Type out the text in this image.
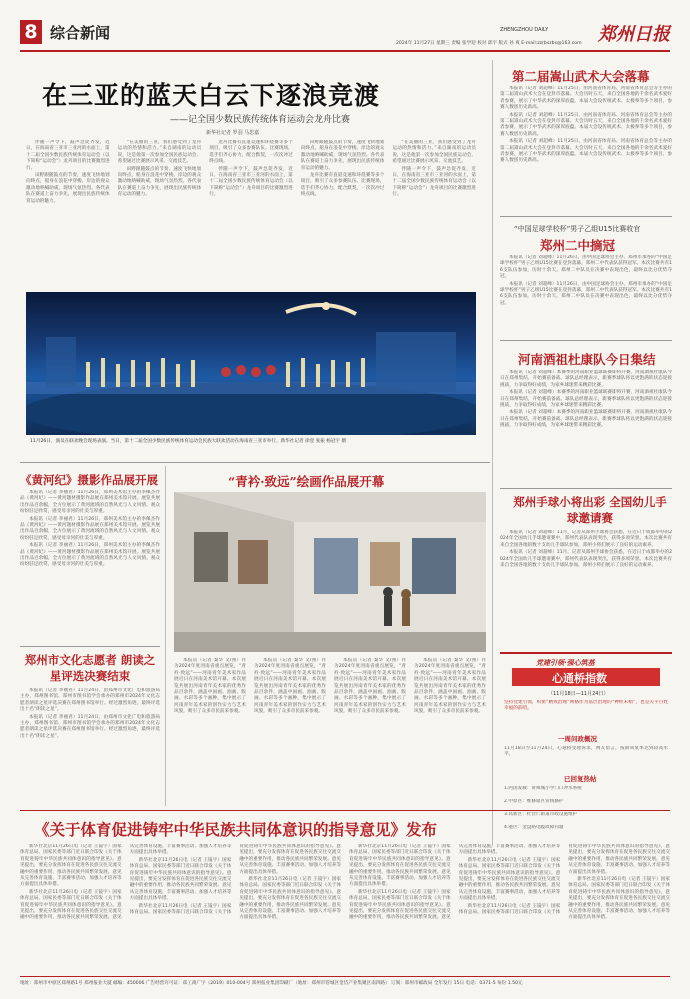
8 综合新闻	ZHENGZHOU DAILY	郑州日报
2024年 11月27日 星期三 责编 张学迎 校对 邱宇 版式 孙 爽 E-mail:zzrbszbs@163.com
在三亚的蓝天白云下逐浪竞渡
——记全国少数民族传统体育运动会龙舟比赛
新华社记者 罗羽 马思嘉

伴随一声令下，鼓声急促齐发，近日，在海南省三亚市三亚河的水面上，第十二届全国少数民族传统体育运动会（以下简称“运动会”）龙舟项目的比赛激烈进行。

田野跟随鼓点的节奏，速度飞快地划向终点，船身在浪花中穿梭。岸边的观众激动地呐喊助威，现场气氛热烈。各代表队在赛道上奋力争先，展现出民族传统体育运动的魅力。

“在美丽的三亚，我们感受到了龙舟运动的热情和活力。”来自湖南的运动员说，这是他第一次参加全国民族运动会，希望通过比赛展示风采、交流技艺。

田野跟随鼓点的节奏，速度飞快地划向终点，船身在浪花中穿梭。岸边的观众激动地呐喊助威，现场气氛热烈。各代表队在赛道上奋力争先，展现出民族传统体育运动的魅力。

龙舟比赛有直道竞速和环绕赛等多个项目，吸引了众多参赛队伍。比赛现场，选手们齐心协力，配合默契，一次次冲过终点线。

伴随一声令下，鼓声急促齐发，近日，在海南省三亚市三亚河的水面上，第十二届全国少数民族传统体育运动会（以下简称“运动会”）龙舟项目的比赛激烈进行。

田野跟随鼓点的节奏，速度飞快地划向终点，船身在浪花中穿梭。岸边的观众激动地呐喊助威，现场气氛热烈。各代表队在赛道上奋力争先，展现出民族传统体育运动的魅力。

龙舟比赛有直道竞速和环绕赛等多个项目，吸引了众多参赛队伍。比赛现场，选手们齐心协力，配合默契，一次次冲过终点线。

“在美丽的三亚，我们感受到了龙舟运动的热情和活力。”来自湖南的运动员说，这是他第一次参加全国民族运动会，希望通过比赛展示风采、交流技艺。

伴随一声令下，鼓声急促齐发，近日，在海南省三亚市三亚河的水面上，第十二届全国少数民族传统体育运动会（以下简称“运动会”）龙舟项目的比赛激烈进行。

11月26日，演员在联欢晚会现场表演。当日，第十二届全国少数民族传统体育运动会民族大联欢活动在海南省三亚市举行。新华社记者 徐壹 张振 杨冠宇 摄
第二届嵩山武术大会落幕

本报讯（记者 刘超峰）11月25日，由河南省体育局、河南省体育总会等主办的第二届嵩山武术大会在登封市落幕。大会历时五天，来自全国各地的千余名武术爱好者参赛，展示了中华武术的深厚底蕴。本届大会设传统武术、太极拳等多个项目，参赛人数创历史新高。

本报讯（记者 刘超峰）11月25日，由河南省体育局、河南省体育总会等主办的第二届嵩山武术大会在登封市落幕。大会历时五天，来自全国各地的千余名武术爱好者参赛，展示了中华武术的深厚底蕴。本届大会设传统武术、太极拳等多个项目，参赛人数创历史新高。

本报讯（记者 刘超峰）11月25日，由河南省体育局、河南省体育总会等主办的第二届嵩山武术大会在登封市落幕。大会历时五天，来自全国各地的千余名武术爱好者参赛，展示了中华武术的深厚底蕴。本届大会设传统武术、太极拳等多个项目，参赛人数创历史新高。

“中国足球学校杯”男子乙组U15比赛收官
郑州二中摘冠

本报讯（记者 刘超峰）11月26日，由中国足球协会主办、郑州市承办的“中国足球学校杯”男子乙组U15比赛在登封落幕，郑州二中代表队获得冠军。本次比赛共有16支队伍参加，历时十余天。郑州二中队员在决赛中表现出色，最终以比分优势夺冠。

本报讯（记者 刘超峰）11月26日，由中国足球协会主办、郑州市承办的“中国足球学校杯”男子乙组U15比赛在登封落幕，郑州二中代表队获得冠军。本次比赛共有16支队伍参加，历时十余天。郑州二中队员在决赛中表现出色，最终以比分优势夺冠。

河南酒祖杜康队今日集结

本报讯（记者 刘超峰）本赛季的河南职业篮球联赛即将开赛，河南酒祖杜康队今日在郑州集结，开始赛前备战。球队总经理表示，新赛季球队将以更饱满的状态迎接挑战，力争取得好成绩，为家乡球迷带来精彩比赛。

本报讯（记者 刘超峰）本赛季的河南职业篮球联赛即将开赛，河南酒祖杜康队今日在郑州集结，开始赛前备战。球队总经理表示，新赛季球队将以更饱满的状态迎接挑战，力争取得好成绩，为家乡球迷带来精彩比赛。

本报讯（记者 刘超峰）本赛季的河南职业篮球联赛即将开赛，河南酒祖杜康队今日在郑州集结，开始赛前备战。球队总经理表示，新赛季球队将以更饱满的状态迎接挑战，力争取得好成绩，为家乡球迷带来精彩比赛。

郑州手球小将出彩 全国幼儿手球邀请赛

本报讯（记者 刘超峰）11月，记者从郑州手球协会获悉，在近日于成都举办的2024年全国幼儿手球邀请赛中，郑州代表队表现突出，获得多项荣誉。本次比赛共有来自全国各地的数十支幼儿手球队参加，郑州小将们展示了良好的运动素养。

本报讯（记者 刘超峰）11月，记者从郑州手球协会获悉，在近日于成都举办的2024年全国幼儿手球邀请赛中，郑州代表队表现突出，获得多项荣誉。本次比赛共有来自全国各地的数十支幼儿手球队参加，郑州小将们展示了良好的运动素养。

党建引领·强心筑基
心通桥指数
（11月18日—11月24日）
坚持党建引领，织密“精致治理”网格作为基层治理的“神经末梢”，也是关乎百姓幸福的前哨。
一周问政概况
11月18日至11月24日，心通桥受理诉求，网友留言，按期回复率达到较高水平。
已回复热帖
1.阿国发城：讲师城小学门口冲水系统
2.中原区：维修辖区管线修护
3.高新区：杜营仁街道市政设施维护
4.港区：金盘路电缆故障问题
《黄河纪》摄影作品展开展

本报讯（记者 李丽君）11月26日，郑州美术馆主办的李佩杰作品《黄河纪》——黄河题材摄影作品展在郑州美术馆开展。展览共展出作品百余幅，全方位展示了黄河流域的自然风光与人文风情。观众纷纷驻足欣赏，感受母亲河的壮美与厚重。

本报讯（记者 李丽君）11月26日，郑州美术馆主办的李佩杰作品《黄河纪》——黄河题材摄影作品展在郑州美术馆开展。展览共展出作品百余幅，全方位展示了黄河流域的自然风光与人文风情。观众纷纷驻足欣赏，感受母亲河的壮美与厚重。

本报讯（记者 李丽君）11月26日，郑州美术馆主办的李佩杰作品《黄河纪》——黄河题材摄影作品展在郑州美术馆开展。展览共展出作品百余幅，全方位展示了黄河流域的自然风光与人文风情。观众纷纷驻足欣赏，感受母亲河的壮美与厚重。

郑州市文化志愿者 朗读之星评选决赛结束

本报讯（记者 李丽君）11月24日，由郑州市文化广电和旅游局主办，郑州图书馆、郑州市图书馆学会承办的郑州市2024年文化志愿者朗读之星评选决赛在郑州图书馆举行。经过激烈角逐，最终评选出十名“朗读之星”。

本报讯（记者 李丽君）11月24日，由郑州市文化广电和旅游局主办，郑州图书馆、郑州市图书馆学会承办的郑州市2024年文化志愿者朗读之星评选决赛在郑州图书馆举行。经过激烈角逐，最终评选出十名“朗读之星”。

“青衿·致远”绘画作品展开幕

本报讯（记者 秦华 文/图）作为2024年度河南省重点展览，“青衿·致远”——河南青年美术家作品展近日在河南美术馆开幕。本次展览共展出河南青年美术家的优秀作品百余件，涵盖中国画、油画、版画、水彩等多个画种，集中展示了河南青年美术家的创作实力与艺术风貌，吸引了众多市民前来参观。

本报讯（记者 秦华 文/图）作为2024年度河南省重点展览，“青衿·致远”——河南青年美术家作品展近日在河南美术馆开幕。本次展览共展出河南青年美术家的优秀作品百余件，涵盖中国画、油画、版画、水彩等多个画种，集中展示了河南青年美术家的创作实力与艺术风貌，吸引了众多市民前来参观。

本报讯（记者 秦华 文/图）作为2024年度河南省重点展览，“青衿·致远”——河南青年美术家作品展近日在河南美术馆开幕。本次展览共展出河南青年美术家的优秀作品百余件，涵盖中国画、油画、版画、水彩等多个画种，集中展示了河南青年美术家的创作实力与艺术风貌，吸引了众多市民前来参观。

本报讯（记者 秦华 文/图）作为2024年度河南省重点展览，“青衿·致远”——河南青年美术家作品展近日在河南美术馆开幕。本次展览共展出河南青年美术家的优秀作品百余件，涵盖中国画、油画、版画、水彩等多个画种，集中展示了河南青年美术家的创作实力与艺术风貌，吸引了众多市民前来参观。

《关于体育促进铸牢中华民族共同体意识的指导意见》发布

新华社北京11月26日电（记者 王镜宇）国家体育总局、国家民委等部门近日联合印发《关于体育促进铸牢中华民族共同体意识的指导意见》。意见提出，要充分发挥体育在促进各民族交往交流交融中的重要作用，推动各民族共同繁荣发展。意见从完善体育设施、丰富赛事活动、加强人才培养等方面提出具体举措。

新华社北京11月26日电（记者 王镜宇）国家体育总局、国家民委等部门近日联合印发《关于体育促进铸牢中华民族共同体意识的指导意见》。意见提出，要充分发挥体育在促进各民族交往交流交融中的重要作用，推动各民族共同繁荣发展。意见从完善体育设施、丰富赛事活动、加强人才培养等方面提出具体举措。

新华社北京11月26日电（记者 王镜宇）国家体育总局、国家民委等部门近日联合印发《关于体育促进铸牢中华民族共同体意识的指导意见》。意见提出，要充分发挥体育在促进各民族交往交流交融中的重要作用，推动各民族共同繁荣发展。意见从完善体育设施、丰富赛事活动、加强人才培养等方面提出具体举措。

新华社北京11月26日电（记者 王镜宇）国家体育总局、国家民委等部门近日联合印发《关于体育促进铸牢中华民族共同体意识的指导意见》。意见提出，要充分发挥体育在促进各民族交往交流交融中的重要作用，推动各民族共同繁荣发展。意见从完善体育设施、丰富赛事活动、加强人才培养等方面提出具体举措。

新华社北京11月26日电（记者 王镜宇）国家体育总局、国家民委等部门近日联合印发《关于体育促进铸牢中华民族共同体意识的指导意见》。意见提出，要充分发挥体育在促进各民族交往交流交融中的重要作用，推动各民族共同繁荣发展。意见从完善体育设施、丰富赛事活动、加强人才培养等方面提出具体举措。

新华社北京11月26日电（记者 王镜宇）国家体育总局、国家民委等部门近日联合印发《关于体育促进铸牢中华民族共同体意识的指导意见》。意见提出，要充分发挥体育在促进各民族交往交流交融中的重要作用，推动各民族共同繁荣发展。意见从完善体育设施、丰富赛事活动、加强人才培养等方面提出具体举措。

新华社北京11月26日电（记者 王镜宇）国家体育总局、国家民委等部门近日联合印发《关于体育促进铸牢中华民族共同体意识的指导意见》。意见提出，要充分发挥体育在促进各民族交往交流交融中的重要作用，推动各民族共同繁荣发展。意见从完善体育设施、丰富赛事活动、加强人才培养等方面提出具体举措。

新华社北京11月26日电（记者 王镜宇）国家体育总局、国家民委等部门近日联合印发《关于体育促进铸牢中华民族共同体意识的指导意见》。意见提出，要充分发挥体育在促进各民族交往交流交融中的重要作用，推动各民族共同繁荣发展。意见从完善体育设施、丰富赛事活动、加强人才培养等方面提出具体举措。

新华社北京11月26日电（记者 王镜宇）国家体育总局、国家民委等部门近日联合印发《关于体育促进铸牢中华民族共同体意识的指导意见》。意见提出，要充分发挥体育在促进各民族交往交流交融中的重要作用，推动各民族共同繁荣发展。意见从完善体育设施、丰富赛事活动、加强人才培养等方面提出具体举措。

新华社北京11月26日电（记者 王镜宇）国家体育总局、国家民委等部门近日联合印发《关于体育促进铸牢中华民族共同体意识的指导意见》。意见提出，要充分发挥体育在促进各民族交往交流交融中的重要作用，推动各民族共同繁荣发展。意见从完善体育设施、丰富赛事活动、加强人才培养等方面提出具体举措。

地址：郑州市中原区郑州路1号 郑州报业大厦 邮编：450006 广告经营许可证：郑工商广字（2019）010-004号 郑州报业集团印刷厂（地址：郑州市管城区金岱产业集聚区南四路） 订阅：郑州市邮政局 全年发行 15日 电话：0371-5 每份 1.50元
